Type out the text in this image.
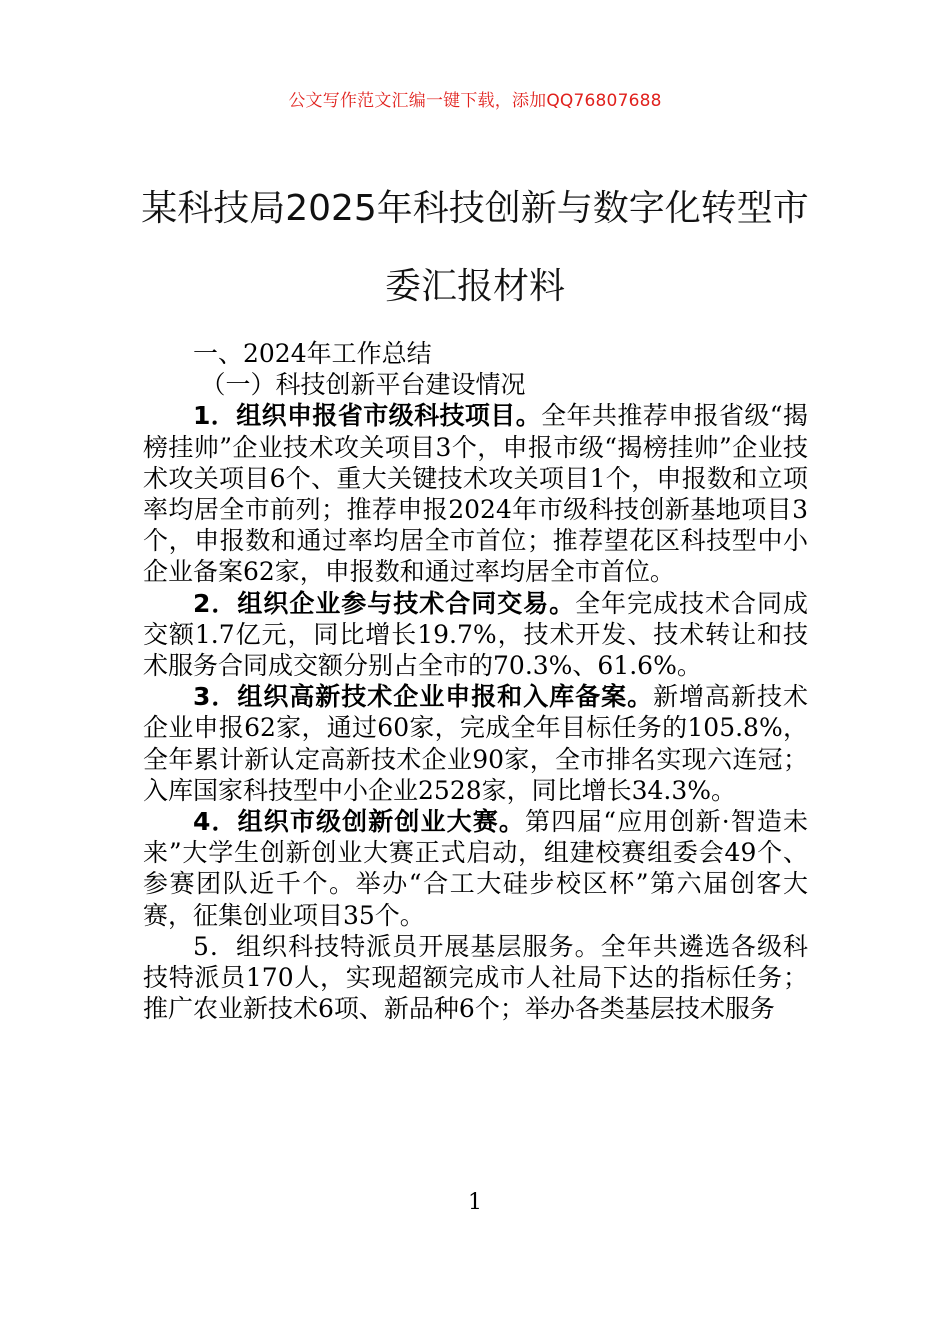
公文写作范文汇编一键下载，添加QQ76807688
某科技局2025年科技创新与数字化转型市
委汇报材料

一、2024年工作总结

（一）科技创新平台建设情况

1．组织申报省市级科技项目。全年共推荐申报省级“揭榜挂帅”企业技术攻关项目3个，申报市级“揭榜挂帅”企业技术攻关项目6个、重大关键技术攻关项目1个，申报数和立项率均居全市前列；推荐申报2024年市级科技创新基地项目3个，申报数和通过率均居全市首位；推荐望花区科技型中小企业备案62家，申报数和通过率均居全市首位。

2．组织企业参与技术合同交易。全年完成技术合同成交额1.7亿元，同比增长19.7%，技术开发、技术转让和技术服务合同成交额分别占全市的70.3%、61.6%。

3．组织高新技术企业申报和入库备案。新增高新技术企业申报62家，通过60家，完成全年目标任务的105.8%，全年累计新认定高新技术企业90家，全市排名实现六连冠；入库国家科技型中小企业2528家，同比增长34.3%。

4．组织市级创新创业大赛。第四届“应用创新·智造未来”大学生创新创业大赛正式启动，组建校赛组委会49个、参赛团队近千个。举办“合工大硅步校区杯”第六届创客大赛，征集创业项目35个。

5．组织科技特派员开展基层服务。全年共遴选各级科技特派员170人，实现超额完成市人社局下达的指标任务；推广农业新技术6项、新品种6个；举办各类基层技术服务

1
